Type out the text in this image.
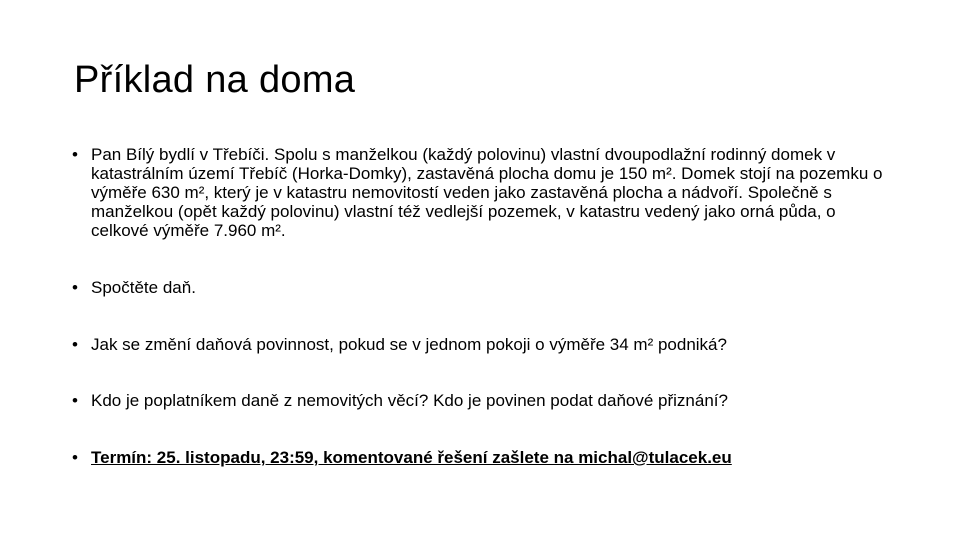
Příklad na doma
• Pan Bílý bydlí v Třebíči. Spolu s manželkou (každý polovinu) vlastní dvoupodlažní rodinný domek v katastrálním území Třebíč (Horka-Domky), zastavěná plocha domu je 150 m². Domek stojí na pozemku o výměře 630 m², který je v katastru nemovitostí veden jako zastavěná plocha a nádvoří. Společně s manželkou (opět každý polovinu) vlastní též vedlejší pozemek, v katastru vedený jako orná půda, o celkové výměře 7.960 m².
• Spočtěte daň.
• Jak se změní daňová povinnost, pokud se v jednom pokoji o výměře 34 m² podniká?
• Kdo je poplatníkem daně z nemovitých věcí? Kdo je povinen podat daňové přiznání?
• Termín: 25. listopadu, 23:59, komentované řešení zašlete na michal@tulacek.eu
